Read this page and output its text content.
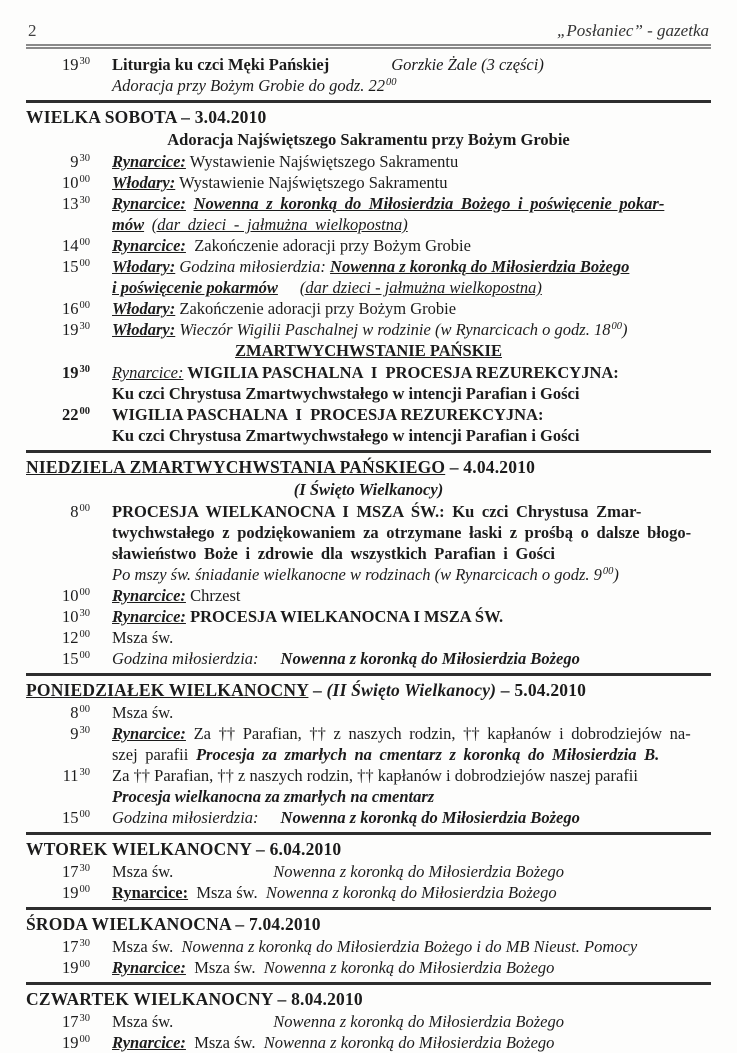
2	„Posłaniec” - gazetka
$19^{30}$ Liturgia ku czci Męki Pańskiej	Gorzkie Żale (3 części)
Adoracja przy Bożym Grobie do godz. $22^{00}$
WIELKA SOBOTA – 3.04.2010
Adoracja Najświętszego Sakramentu przy Bożym Grobie
$9^{30}$ Rynarcice: Wystawienie Najświętszego Sakramentu
$10^{00}$ Włodary: Wystawienie Najświętszego Sakramentu
$13^{30}$ Rynarcice: Nowenna z koronką do Miłosierdzia Bożego i poświęcenie pokar-
mów (dar dzieci - jałmużna wielkopostna)
$14^{00}$ Rynarcice:  Zakończenie adoracji przy Bożym Grobie
$15^{00}$ Włodary: Godzina miłosierdzia: Nowenna z koronką do Miłosierdzia Bożego
i poświęcenie pokarmów (dar dzieci - jałmużna wielkopostna)
$16^{00}$ Włodary: Zakończenie adoracji przy Bożym Grobie
$19^{30}$ Włodary: Wieczór Wigilii Paschalnej w rodzinie (w Rynarcicach o godz. $18^{00}$)
ZMARTWYCHWSTANIE PAŃSKIE
$19^{30}$ Rynarcice: WIGILIA PASCHALNA  I  PROCESJA REZUREKCYJNA:
Ku czci Chrystusa Zmartwychwstałego w intencji Parafian i Gości
$22^{00}$ WIGILIA PASCHALNA  I  PROCESJA REZUREKCYJNA:
Ku czci Chrystusa Zmartwychwstałego w intencji Parafian i Gości
NIEDZIELA ZMARTWYCHWSTANIA PAŃSKIEGO – 4.04.2010
(I Święto Wielkanocy)
$8^{00}$ PROCESJA WIELKANOCNA I MSZA ŚW.: Ku czci Chrystusa Zmar-
twychwstałego z podziękowaniem za otrzymane łaski z prośbą o dalsze błogo-
sławieństwo Boże i zdrowie dla wszystkich Parafian i Gości
Po mszy św. śniadanie wielkanocne w rodzinach (w Rynarcicach o godz. $9^{00}$)
$10^{00}$ Rynarcice: Chrzest
$10^{30}$ Rynarcice: PROCESJA WIELKANOCNA I MSZA ŚW.
$12^{00}$ Msza św.
$15^{00}$ Godzina miłosierdzia: Nowenna z koronką do Miłosierdzia Bożego
PONIEDZIAŁEK WIELKANOCNY – (II Święto Wielkanocy) – 5.04.2010
$8^{00}$ Msza św.
$9^{30}$ Rynarcice: Za †† Parafian, †† z naszych rodzin, †† kapłanów i dobrodziejów na-
szej parafii Procesja za zmarłych na cmentarz z koronką do Miłosierdzia B.
$11^{30}$ Za †† Parafian, †† z naszych rodzin, †† kapłanów i dobrodziejów naszej parafii
Procesja wielkanocna za zmarłych na cmentarz
$15^{00}$ Godzina miłosierdzia: Nowenna z koronką do Miłosierdzia Bożego
WTOREK WIELKANOCNY – 6.04.2010
$17^{30}$ Msza św.	Nowenna z koronką do Miłosierdzia Bożego
$19^{00}$ Rynarcice:  Msza św.  Nowenna z koronką do Miłosierdzia Bożego
ŚRODA WIELKANOCNA – 7.04.2010
$17^{30}$ Msza św.  Nowenna z koronką do Miłosierdzia Bożego i do MB Nieust. Pomocy
$19^{00}$ Rynarcice:  Msza św.  Nowenna z koronką do Miłosierdzia Bożego
CZWARTEK WIELKANOCNY – 8.04.2010
$17^{30}$ Msza św.	Nowenna z koronką do Miłosierdzia Bożego
$19^{00}$ Rynarcice:  Msza św.  Nowenna z koronką do Miłosierdzia Bożego
